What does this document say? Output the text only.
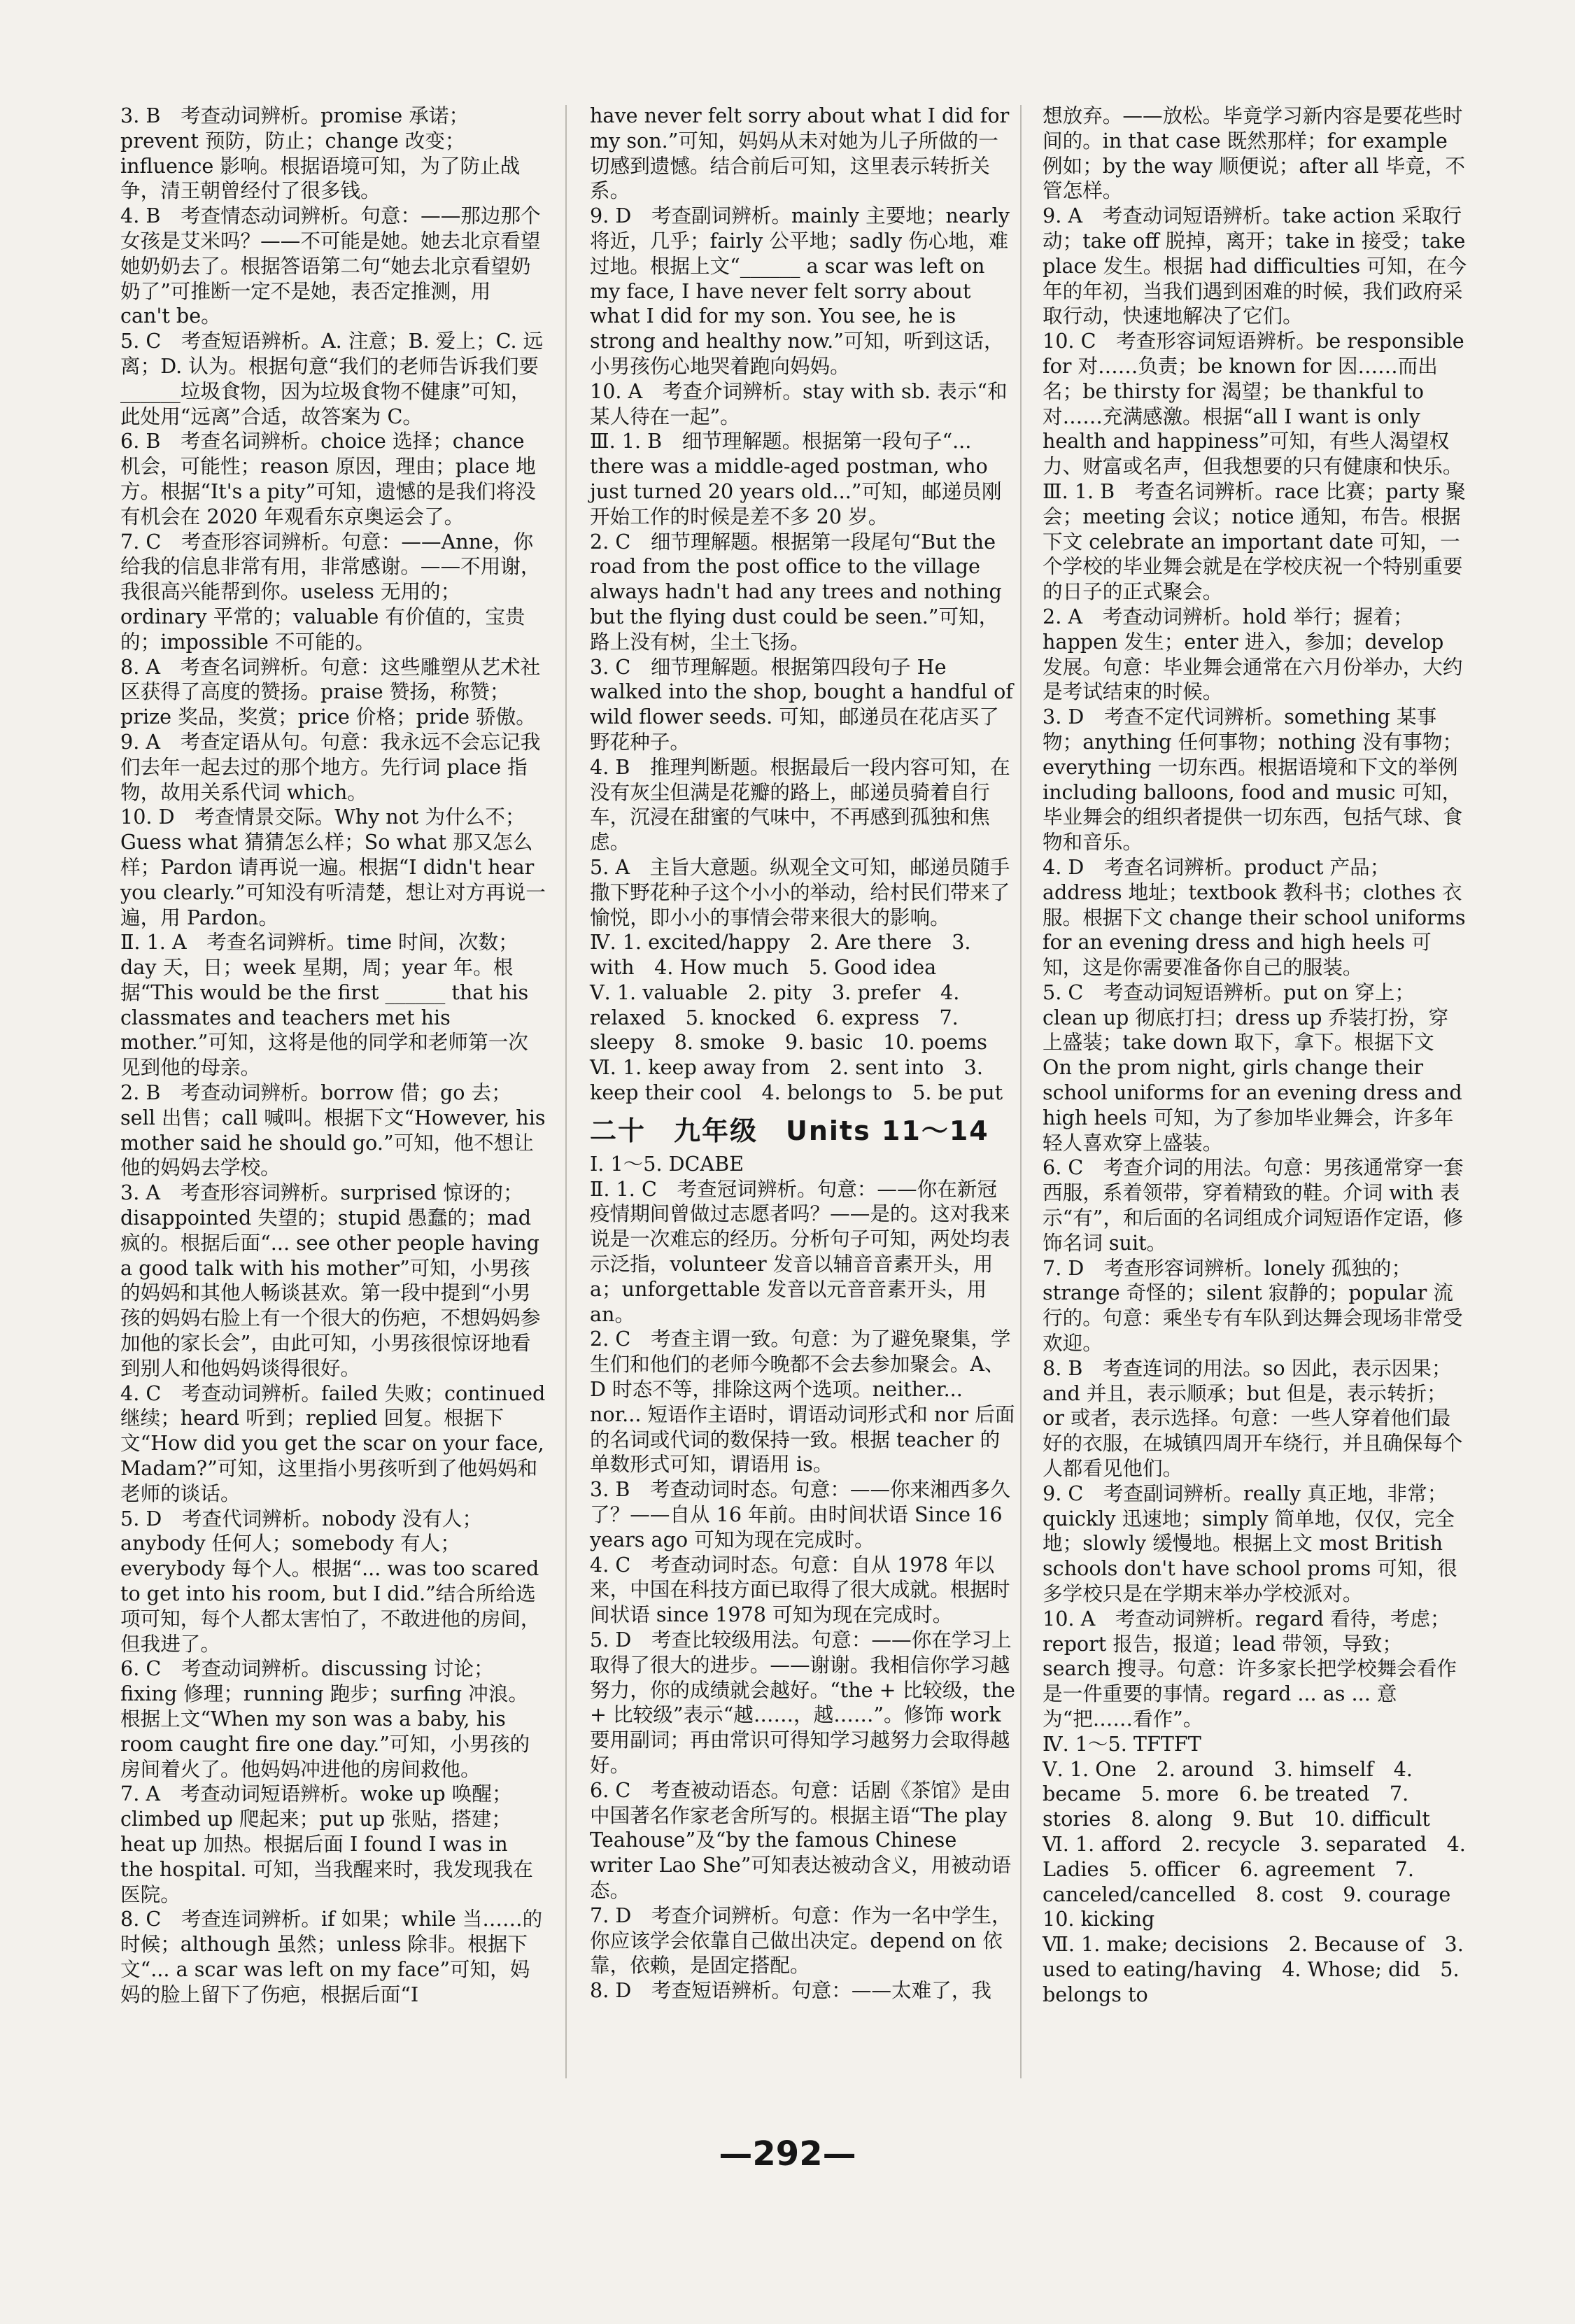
3. B　考查动词辨析。promise 承诺；prevent 预防，防止；change 改变；influence 影响。根据语境可知，为了防止战争，清王朝曾经付了很多钱。

4. B　考查情态动词辨析。句意：——那边那个女孩是艾米吗？——不可能是她。她去北京看望她奶奶去了。根据答语第二句“她去北京看望奶奶了”可推断一定不是她，表否定推测，用 can't be。

5. C　考查短语辨析。A. 注意；B. 爱上；C. 远离；D. 认为。根据句意“我们的老师告诉我们要______垃圾食物，因为垃圾食物不健康”可知，此处用“远离”合适，故答案为 C。

6. B　考查名词辨析。choice 选择；chance 机会，可能性；reason 原因，理由；place 地方。根据“It's a pity”可知，遗憾的是我们将没有机会在 2020 年观看东京奥运会了。

7. C　考查形容词辨析。句意：——Anne，你给我的信息非常有用，非常感谢。——不用谢，我很高兴能帮到你。useless 无用的；ordinary 平常的；valuable 有价值的，宝贵的；impossible 不可能的。

8. A　考查名词辨析。句意：这些雕塑从艺术社区获得了高度的赞扬。praise 赞扬，称赞；prize 奖品，奖赏；price 价格；pride 骄傲。

9. A　考查定语从句。句意：我永远不会忘记我们去年一起去过的那个地方。先行词 place 指物，故用关系代词 which。

10. D　考查情景交际。Why not 为什么不；Guess what 猜猜怎么样；So what 那又怎么样；Pardon 请再说一遍。根据“I didn't hear you clearly.”可知没有听清楚，想让对方再说一遍，用 Pardon。

Ⅱ. 1. A　考查名词辨析。time 时间，次数；day 天，日；week 星期，周；year 年。根据“This would be the first ______ that his classmates and teachers met his mother.”可知，这将是他的同学和老师第一次见到他的母亲。

2. B　考查动词辨析。borrow 借；go 去；sell 出售；call 喊叫。根据下文“However, his mother said he should go.”可知，他不想让他的妈妈去学校。

3. A　考查形容词辨析。surprised 惊讶的；disappointed 失望的；stupid 愚蠢的；mad 疯的。根据后面“... see other people having a good talk with his mother”可知，小男孩的妈妈和其他人畅谈甚欢。第一段中提到“小男孩的妈妈右脸上有一个很大的伤疤，不想妈妈参加他的家长会”，由此可知，小男孩很惊讶地看到别人和他妈妈谈得很好。

4. C　考查动词辨析。failed 失败；continued 继续；heard 听到；replied 回复。根据下文“How did you get the scar on your face, Madam?”可知，这里指小男孩听到了他妈妈和老师的谈话。

5. D　考查代词辨析。nobody 没有人；anybody 任何人；somebody 有人；everybody 每个人。根据“... was too scared to get into his room, but I did.”结合所给选项可知，每个人都太害怕了，不敢进他的房间，但我进了。

6. C　考查动词辨析。discussing 讨论；fixing 修理；running 跑步；surfing 冲浪。根据上文“When my son was a baby, his room caught fire one day.”可知，小男孩的房间着火了。他妈妈冲进他的房间救他。

7. A　考查动词短语辨析。woke up 唤醒；climbed up 爬起来；put up 张贴，搭建；heat up 加热。根据后面 I found I was in the hospital. 可知，当我醒来时，我发现我在医院。

8. C　考查连词辨析。if 如果；while 当……的时候；although 虽然；unless 除非。根据下文“... a scar was left on my face”可知，妈妈的脸上留下了伤疤，根据后面“I

have never felt sorry about what I did for my son.”可知，妈妈从未对她为儿子所做的一切感到遗憾。结合前后可知，这里表示转折关系。

9. D　考查副词辨析。mainly 主要地；nearly 将近，几乎；fairly 公平地；sadly 伤心地，难过地。根据上文“______ a scar was left on my face, I have never felt sorry about what I did for my son. You see, he is strong and healthy now.”可知，听到这话，小男孩伤心地哭着跑向妈妈。

10. A　考查介词辨析。stay with sb. 表示“和某人待在一起”。

Ⅲ. 1. B　细节理解题。根据第一段句子“... there was a middle-aged postman, who just turned 20 years old...”可知，邮递员刚开始工作的时候是差不多 20 岁。

2. C　细节理解题。根据第一段尾句“But the road from the post office to the village always hadn't had any trees and nothing but the flying dust could be seen.”可知，路上没有树，尘土飞扬。

3. C　细节理解题。根据第四段句子 He walked into the shop, bought a handful of wild flower seeds. 可知，邮递员在花店买了野花种子。

4. B　推理判断题。根据最后一段内容可知，在没有灰尘但满是花瓣的路上，邮递员骑着自行车，沉浸在甜蜜的气味中，不再感到孤独和焦虑。

5. A　主旨大意题。纵观全文可知，邮递员随手撒下野花种子这个小小的举动，给村民们带来了愉悦，即小小的事情会带来很大的影响。

Ⅳ. 1. excited/happy　2. Are there　3. with　4. How much　5. Good idea

Ⅴ. 1. valuable　2. pity　3. prefer　4. relaxed　5. knocked　6. express　7. sleepy　8. smoke　9. basic　10. poems

Ⅵ. 1. keep away from　2. sent into　3. keep their cool　4. belongs to　5. be put

二十　九年级　Units 11～14

Ⅰ. 1～5. DCABE

Ⅱ. 1. C　考查冠词辨析。句意：——你在新冠疫情期间曾做过志愿者吗？——是的。这对我来说是一次难忘的经历。分析句子可知，两处均表示泛指，volunteer 发音以辅音音素开头，用 a；unforgettable 发音以元音音素开头，用 an。

2. C　考查主谓一致。句意：为了避免聚集，学生们和他们的老师今晚都不会去参加聚会。A、D 时态不等，排除这两个选项。neither... nor... 短语作主语时，谓语动词形式和 nor 后面的名词或代词的数保持一致。根据 teacher 的单数形式可知，谓语用 is。

3. B　考查动词时态。句意：——你来湘西多久了？——自从 16 年前。由时间状语 Since 16 years ago 可知为现在完成时。

4. C　考查动词时态。句意：自从 1978 年以来，中国在科技方面已取得了很大成就。根据时间状语 since 1978 可知为现在完成时。

5. D　考查比较级用法。句意：——你在学习上取得了很大的进步。——谢谢。我相信你学习越努力，你的成绩就会越好。“the + 比较级，the + 比较级”表示“越……，越……”。修饰 work 要用副词；再由常识可得知学习越努力会取得越好。

6. C　考查被动语态。句意：话剧《茶馆》是由中国著名作家老舍所写的。根据主语“The play Teahouse”及“by the famous Chinese writer Lao She”可知表达被动含义，用被动语态。

7. D　考查介词辨析。句意：作为一名中学生，你应该学会依靠自己做出决定。depend on 依靠，依赖，是固定搭配。

8. D　考查短语辨析。句意：——太难了，我

想放弃。——放松。毕竟学习新内容是要花些时间的。in that case 既然那样；for example 例如；by the way 顺便说；after all 毕竟，不管怎样。

9. A　考查动词短语辨析。take action 采取行动；take off 脱掉，离开；take in 接受；take place 发生。根据 had difficulties 可知，在今年的年初，当我们遇到困难的时候，我们政府采取行动，快速地解决了它们。

10. C　考查形容词短语辨析。be responsible for 对……负责；be known for 因……而出名；be thirsty for 渴望；be thankful to 对……充满感激。根据“all I want is only health and happiness”可知，有些人渴望权力、财富或名声，但我想要的只有健康和快乐。

Ⅲ. 1. B　考查名词辨析。race 比赛；party 聚会；meeting 会议；notice 通知，布告。根据下文 celebrate an important date 可知，一个学校的毕业舞会就是在学校庆祝一个特别重要的日子的正式聚会。

2. A　考查动词辨析。hold 举行；握着；happen 发生；enter 进入，参加；develop 发展。句意：毕业舞会通常在六月份举办，大约是考试结束的时候。

3. D　考查不定代词辨析。something 某事物；anything 任何事物；nothing 没有事物；everything 一切东西。根据语境和下文的举例 including balloons, food and music 可知，毕业舞会的组织者提供一切东西，包括气球、食物和音乐。

4. D　考查名词辨析。product 产品；address 地址；textbook 教科书；clothes 衣服。根据下文 change their school uniforms for an evening dress and high heels 可知，这是你需要准备你自己的服装。

5. C　考查动词短语辨析。put on 穿上；clean up 彻底打扫；dress up 乔装打扮，穿上盛装；take down 取下，拿下。根据下文 On the prom night, girls change their school uniforms for an evening dress and high heels 可知，为了参加毕业舞会，许多年轻人喜欢穿上盛装。

6. C　考查介词的用法。句意：男孩通常穿一套西服，系着领带，穿着精致的鞋。介词 with 表示“有”，和后面的名词组成介词短语作定语，修饰名词 suit。

7. D　考查形容词辨析。lonely 孤独的；strange 奇怪的；silent 寂静的；popular 流行的。句意：乘坐专有车队到达舞会现场非常受欢迎。

8. B　考查连词的用法。so 因此，表示因果；and 并且，表示顺承；but 但是，表示转折；or 或者，表示选择。句意：一些人穿着他们最好的衣服，在城镇四周开车绕行，并且确保每个人都看见他们。

9. C　考查副词辨析。really 真正地，非常；quickly 迅速地；simply 简单地，仅仅，完全地；slowly 缓慢地。根据上文 most British schools don't have school proms 可知，很多学校只是在学期末举办学校派对。

10. A　考查动词辨析。regard 看待，考虑；report 报告，报道；lead 带领，导致；search 搜寻。句意：许多家长把学校舞会看作是一件重要的事情。regard ... as ... 意为“把……看作”。

Ⅳ. 1～5. TFTFT

Ⅴ. 1. One　2. around　3. himself　4. became　5. more　6. be treated　7. stories　8. along　9. But　10. difficult

Ⅵ. 1. afford　2. recycle　3. separated　4. Ladies　5. officer　6. agreement　7. canceled/cancelled　8. cost　9. courage　10. kicking

Ⅶ. 1. make; decisions　2. Because of　3. used to eating/having　4. Whose; did　5. belongs to

—292—
